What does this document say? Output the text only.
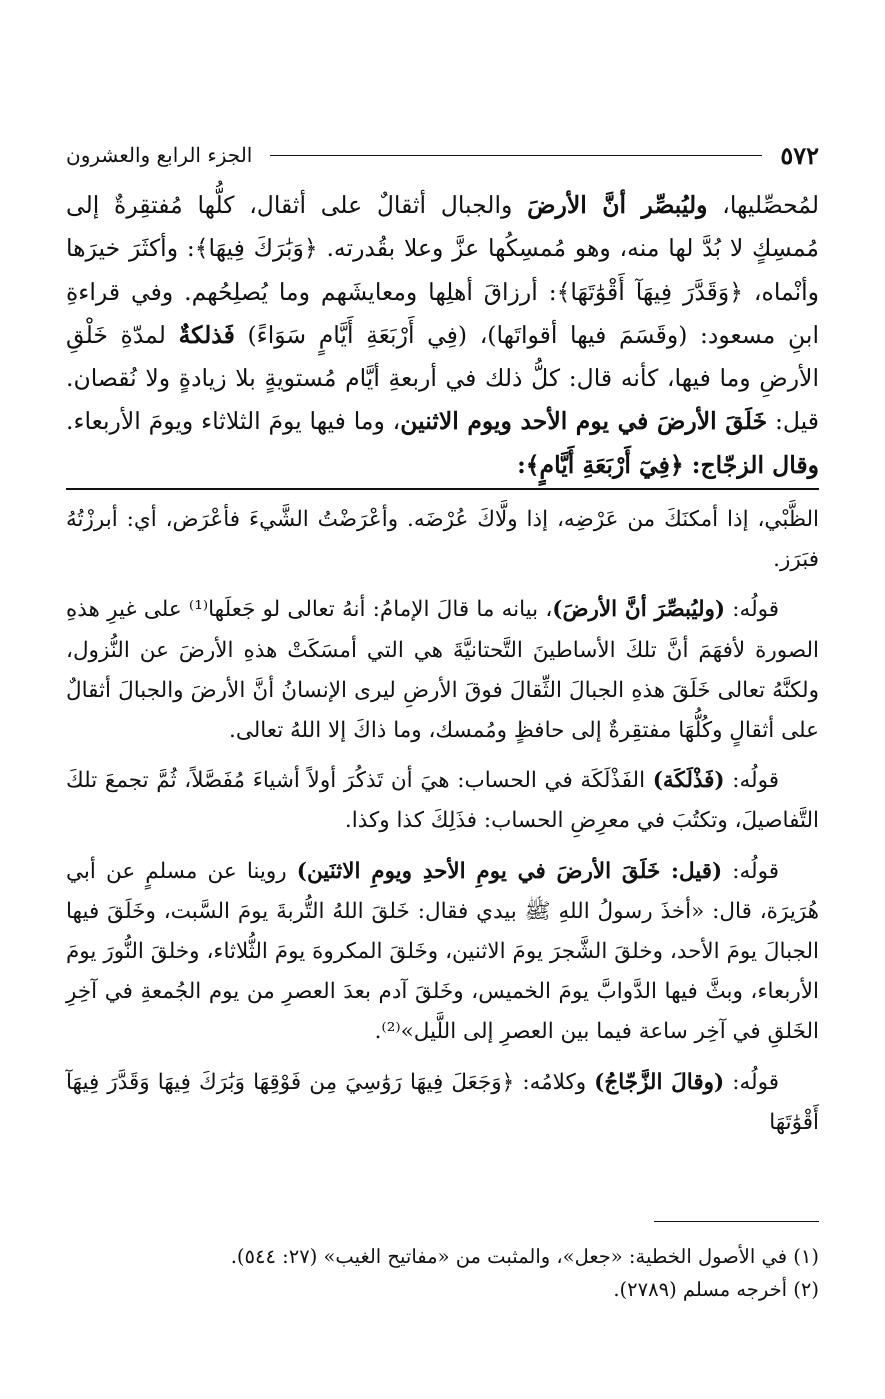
٥٧٢
الجزء الرابع والعشرون
لمُحصِّليها، وليُبصِّر أنَّ الأرضَ والجبال أثقالٌ على أثقال، كلُّها مُفتقِرةٌ إلى مُمسِكٍ لا بُدَّ لها منه، وهو مُمسِكُها عزَّ وعلا بقُدرته. ﴿وَبَٰرَكَ فِيهَا﴾: وأكثَرَ خيرَها وأنْماه، ﴿وَقَدَّرَ فِيهَآ أَقْوَٰتَهَا﴾: أرزاقَ أهلِها ومعايشَهم وما يُصلِحُهم. وفي قراءةِ ابنِ مسعود: (وقَسَمَ فيها أقواتَها)، (فِي أَرْبَعَةِ أَيَّامٍ سَوَاءً) فَذلكةٌ لمدّةِ خَلْقِ الأرضِ وما فيها، كأنه قال: كلُّ ذلك في أربعةِ أيَّام مُستويةٍ بلا زيادةٍ ولا نُقصان. قيل: خَلَقَ الأرضَ في يوم الأحد ويوم الاثنين، وما فيها يومَ الثلاثاء ويومَ الأربعاء. وقال الزجّاج: ﴿فِيٓ أَرْبَعَةِ أَيَّامٍ﴾:

الظَّبْي، إذا أمكنَكَ من عَرْضِه، إذا ولَّاكَ عُرْضَه. وأعْرَضْتُ الشَّيءَ فأعْرَض، أي: أبرزْتُهُ فبَرَز.

قولُه: (وليُبصِّرَ أنَّ الأرضَ)، بيانه ما قالَ الإمامُ: أنهُ تعالى لو جَعلَها⁽¹⁾ على غيرِ هذهِ الصورة لأفهَمَ أنَّ تلكَ الأساطينَ التَّحتانيَّةَ هي التي أمسَكَتْ هذهِ الأرضَ عن النُّزول، ولكنَّهُ تعالى خَلَقَ هذهِ الجبالَ الثِّقالَ فوقَ الأرضِ ليرى الإنسانُ أنَّ الأرضَ والجبالَ أثقالٌ على أثقالٍ وكُلُّهَا مفتقِرةٌ إلى حافظٍ ومُمسك، وما ذاكَ إلا اللهُ تعالى.

قولُه: (فَذْلَكَة) الفَذْلَكَة في الحساب: هيَ أن تَذكُرَ أولاً أشياءَ مُفَصَّلاً، ثُمَّ تجمعَ تلكَ التَّفاصيلَ، وتكتُبَ في معرِضِ الحساب: فذَلِكَ كذا وكذا.

قولُه: (قيل: خَلَقَ الأرضَ في يومِ الأحدِ ويومِ الاثنَين) روينا عن مسلمٍ عن أبي هُرَيرَة، قال: «أخذَ رسولُ اللهِ ﷺ بيدي فقال: خَلقَ اللهُ التُّربةَ يومَ السَّبت، وخَلَقَ فيها الجبالَ يومَ الأحد، وخلقَ الشَّجرَ يومَ الاثنين، وخَلقَ المكروهَ يومَ الثُّلاثاء، وخلقَ النُّورَ يومَ الأربعاء، وبثَّ فيها الدَّوابَّ يومَ الخميس، وخَلقَ آدم بعدَ العصرِ من يوم الجُمعةِ في آخِرِ الخَلقِ في آخِر ساعة فيما بين العصرِ إلى اللَّيل»⁽²⁾.

قولُه: (وقالَ الزَّجّاجُ) وكلامُه: ﴿وَجَعَلَ فِيهَا رَوَٰسِيَ مِن فَوْقِهَا وَبَٰرَكَ فِيهَا وَقَدَّرَ فِيهَآ أَقْوَٰتَهَا

(١) في الأصول الخطية: «جعل»، والمثبت من «مفاتيح الغيب» (٢٧: ٥٤٤).
(٢) أخرجه مسلم (٢٧٨٩).
